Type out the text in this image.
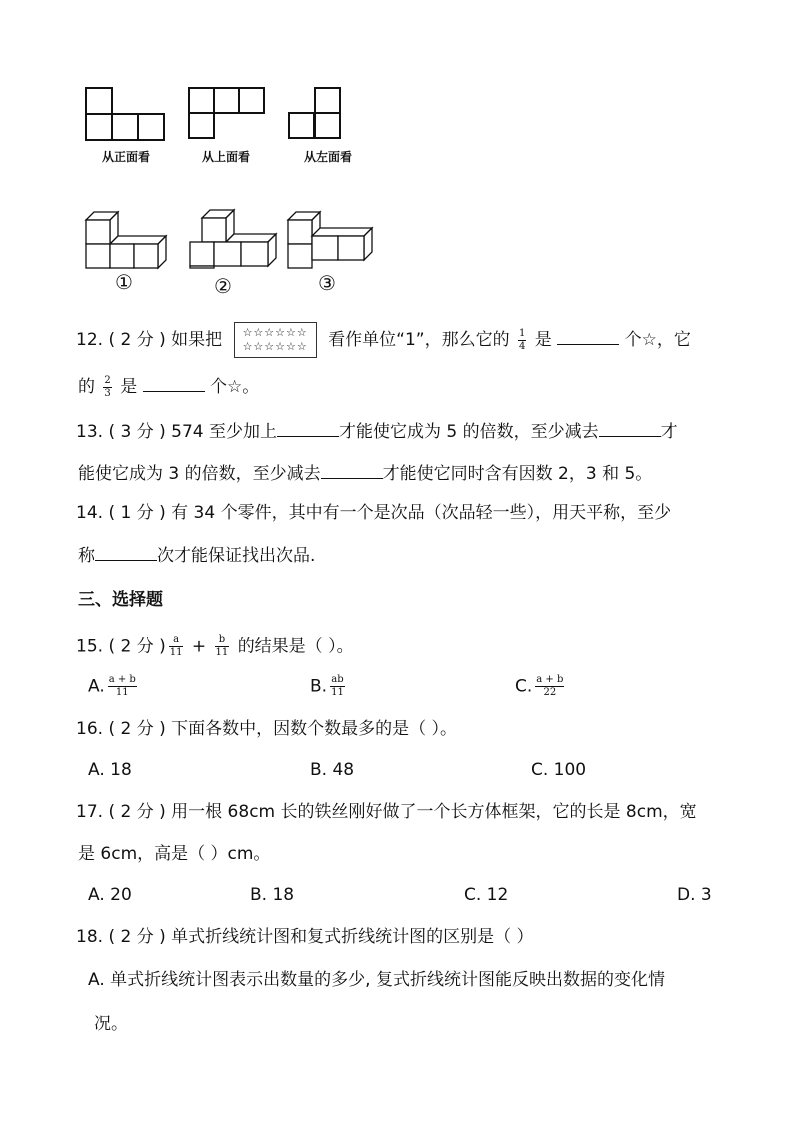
从正面看	从上面看	从左面看
①	②	③
12. ( 2 分 ) 如果把 ☆☆☆☆☆☆
☆☆☆☆☆☆ 看作单位“1”，那么它的 $\frac{1}{4}$ 是	个☆，它
的 $\frac{2}{3}$ 是	个☆。
13. ( 3 分 ) 574 至少加上	才能使它成为 5 的倍数，至少减去	才
能使它成为 3 的倍数，至少减去	才能使它同时含有因数 2，3 和 5。
14. ( 1 分 ) 有 34 个零件，其中有一个是次品（次品轻一些），用天平称，至少
称	次才能保证找出次品.
三、选择题
15. ( 2 分 ) $\frac{a}{11} + \frac{b}{11}$ 的结果是（ ）。
A. $\frac{a + b}{11}$	B. $\frac{ab}{11}$	C. $\frac{a + b}{22}$
16. ( 2 分 ) 下面各数中，因数个数最多的是（ ）。
A. 18	B. 48	C. 100
17. ( 2 分 ) 用一根 68cm 长的铁丝刚好做了一个长方体框架，它的长是 8cm，宽
是 6cm，高是（ ）cm。
A. 20	B. 18	C. 12	D. 3
18. ( 2 分 ) 单式折线统计图和复式折线统计图的区别是（ ）
A. 单式折线统计图表示出数量的多少, 复式折线统计图能反映出数据的变化情
况。
